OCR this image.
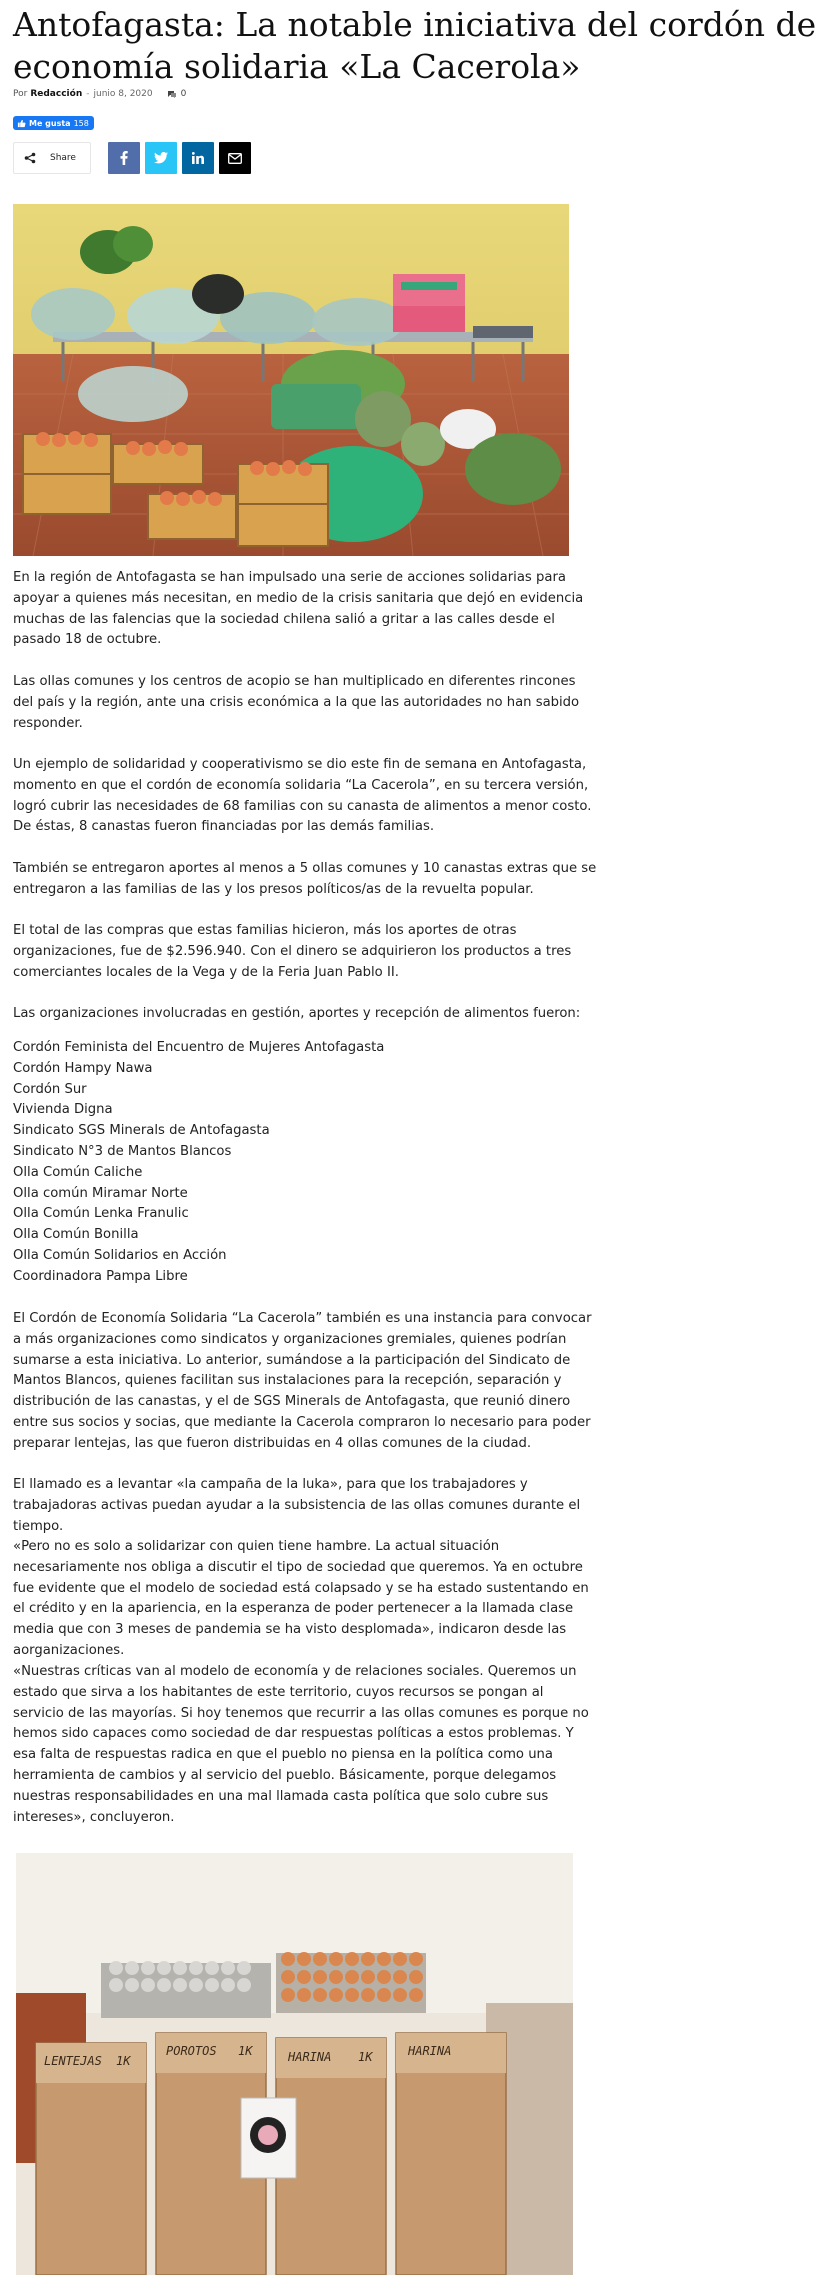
Antofagasta: La notable iniciativa del cordón de economía solidaria «La Cacerola»
Por Redacción - junio 8, 2020	0
Me gusta 158
Share
En la región de Antofagasta se han impulsado una serie de acciones solidarias para apoyar a quienes más necesitan, en medio de la crisis sanitaria que dejó en evidencia muchas de las falencias que la sociedad chilena salió a gritar a las calles desde el pasado 18 de octubre.
Las ollas comunes y los centros de acopio se han multiplicado en diferentes rincones del país y la región, ante una crisis económica a la que las autoridades no han sabido responder.
Un ejemplo de solidaridad y cooperativismo se dio este fin de semana en Antofagasta, momento en que el cordón de economía solidaria “La Cacerola”, en su tercera versión, logró cubrir las necesidades de 68 familias con su canasta de alimentos a menor costo. De éstas, 8 canastas fueron financiadas por las demás familias.
También se entregaron aportes al menos a 5 ollas comunes y 10 canastas extras que se entregaron a las familias de las y los presos políticos/as de la revuelta popular.
El total de las compras que estas familias hicieron, más los aportes de otras organizaciones, fue de $2.596.940. Con el dinero se adquirieron los productos a tres comerciantes locales de la Vega y de la Feria Juan Pablo II.
Las organizaciones involucradas en gestión, aportes y recepción de alimentos fueron:
Cordón Feminista del Encuentro de Mujeres Antofagasta
Cordón Hampy Nawa
Cordón Sur
Vivienda Digna
Sindicato SGS Minerals de Antofagasta
Sindicato N°3 de Mantos Blancos
Olla Común Caliche
Olla común Miramar Norte
Olla Común Lenka Franulic
Olla Común Bonilla
Olla Común Solidarios en Acción
Coordinadora Pampa Libre
El Cordón de Economía Solidaria “La Cacerola” también es una instancia para convocar a más organizaciones como sindicatos y organizaciones gremiales, quienes podrían sumarse a esta iniciativa. Lo anterior, sumándose a la participación del Sindicato de Mantos Blancos, quienes facilitan sus instalaciones para la recepción, separación y distribución de las canastas, y el de SGS Minerals de Antofagasta, que reunió dinero entre sus socios y socias, que mediante la Cacerola compraron lo necesario para poder preparar lentejas, las que fueron distribuidas en 4 ollas comunes de la ciudad.
El llamado es a levantar «la campaña de la luka», para que los trabajadores y trabajadoras activas puedan ayudar a la subsistencia de las ollas comunes durante el tiempo.
«Pero no es solo a solidarizar con quien tiene hambre. La actual situación necesariamente nos obliga a discutir el tipo de sociedad que queremos. Ya en octubre fue evidente que el modelo de sociedad está colapsado y se ha estado sustentando en el crédito y en la apariencia, en la esperanza de poder pertenecer a la llamada clase media que con 3 meses de pandemia se ha visto desplomada», indicaron desde las aorganizaciones.
«Nuestras críticas van al modelo de economía y de relaciones sociales. Queremos un estado que sirva a los habitantes de este territorio, cuyos recursos se pongan al servicio de las mayorías. Si hoy tenemos que recurrir a las ollas comunes es porque no hemos sido capaces como sociedad de dar respuestas políticas a estos problemas. Y esa falta de respuestas radica en que el pueblo no piensa en la política como una herramienta de cambios y al servicio del pueblo. Básicamente, porque delegamos nuestras responsabilidades en una mal llamada casta política que solo cubre sus intereses», concluyeron.
LENTEJAS
POROTOS	HARINA	HARINA
1K
1K	1K
